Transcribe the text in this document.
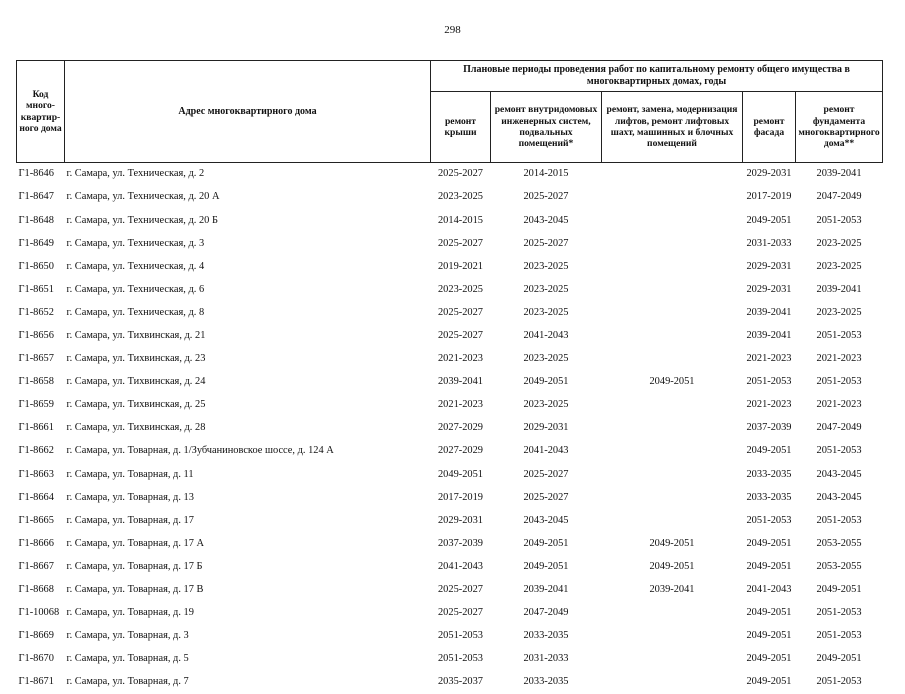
298
Код много-квартир-ного дома	Адрес многоквартирного дома	Плановые периоды проведения работ по капитальному ремонту общего имущества в многоквартирных домах, годы				
		ремонт крыши	ремонт внутридомовых инженерных систем, подвальных помещений*	ремонт, замена, модернизация лифтов, ремонт лифтовых шахт, машинных и блочных помещений	ремонт фасада	ремонт фундамента многоквартирного дома**
Г1-8646	г. Самара, ул. Техническая, д. 2	2025-2027	2014-2015		2029-2031	2039-2041
Г1-8647	г. Самара, ул. Техническая, д. 20 А	2023-2025	2025-2027		2017-2019	2047-2049
Г1-8648	г. Самара, ул. Техническая, д. 20 Б	2014-2015	2043-2045		2049-2051	2051-2053
Г1-8649	г. Самара, ул. Техническая, д. 3	2025-2027	2025-2027		2031-2033	2023-2025
Г1-8650	г. Самара, ул. Техническая, д. 4	2019-2021	2023-2025		2029-2031	2023-2025
Г1-8651	г. Самара, ул. Техническая, д. 6	2023-2025	2023-2025		2029-2031	2039-2041
Г1-8652	г. Самара, ул. Техническая, д. 8	2025-2027	2023-2025		2039-2041	2023-2025
Г1-8656	г. Самара, ул. Тихвинская, д. 21	2025-2027	2041-2043		2039-2041	2051-2053
Г1-8657	г. Самара, ул. Тихвинская, д. 23	2021-2023	2023-2025		2021-2023	2021-2023
Г1-8658	г. Самара, ул. Тихвинская, д. 24	2039-2041	2049-2051	2049-2051	2051-2053	2051-2053
Г1-8659	г. Самара, ул. Тихвинская, д. 25	2021-2023	2023-2025		2021-2023	2021-2023
Г1-8661	г. Самара, ул. Тихвинская, д. 28	2027-2029	2029-2031		2037-2039	2047-2049
Г1-8662	г. Самара, ул. Товарная, д. 1/Зубчаниновское шоссе, д. 124 А	2027-2029	2041-2043		2049-2051	2051-2053
Г1-8663	г. Самара, ул. Товарная, д. 11	2049-2051	2025-2027		2033-2035	2043-2045
Г1-8664	г. Самара, ул. Товарная, д. 13	2017-2019	2025-2027		2033-2035	2043-2045
Г1-8665	г. Самара, ул. Товарная, д. 17	2029-2031	2043-2045		2051-2053	2051-2053
Г1-8666	г. Самара, ул. Товарная, д. 17 А	2037-2039	2049-2051	2049-2051	2049-2051	2053-2055
Г1-8667	г. Самара, ул. Товарная, д. 17 Б	2041-2043	2049-2051	2049-2051	2049-2051	2053-2055
Г1-8668	г. Самара, ул. Товарная, д. 17 В	2025-2027	2039-2041	2039-2041	2041-2043	2049-2051
Г1-10068	г. Самара, ул. Товарная, д. 19	2025-2027	2047-2049		2049-2051	2051-2053
Г1-8669	г. Самара, ул. Товарная, д. 3	2051-2053	2033-2035		2049-2051	2051-2053
Г1-8670	г. Самара, ул. Товарная, д. 5	2051-2053	2031-2033		2049-2051	2049-2051
Г1-8671	г. Самара, ул. Товарная, д. 7	2035-2037	2033-2035		2049-2051	2051-2053
